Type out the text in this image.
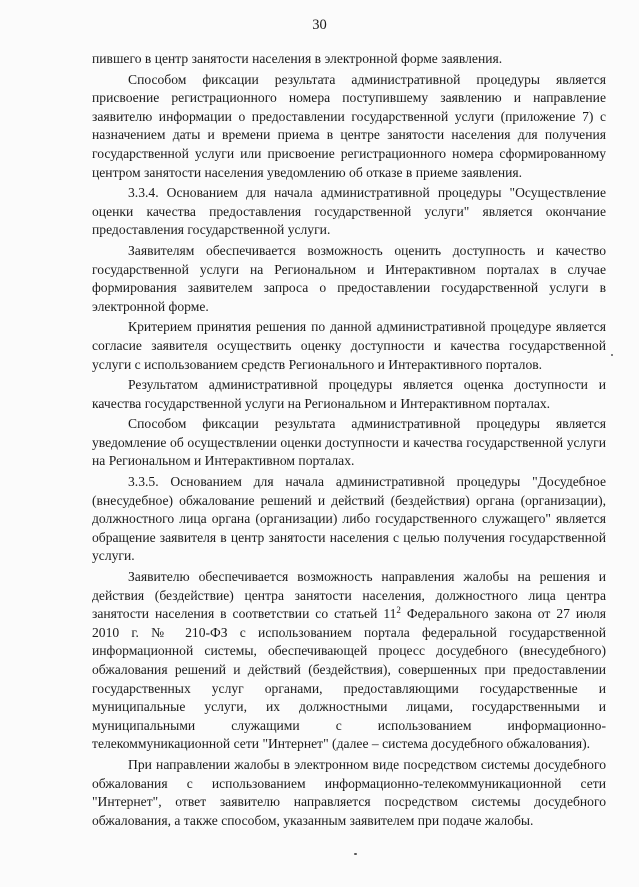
30

пившего в центр занятости населения в электронной форме заявления.

Способом фиксации результата административной процедуры является присвоение регистрационного номера поступившему заявлению и направление заявителю информации о предоставлении государственной услуги (приложение 7) с назначением даты и времени приема в центре занятости населения для получения государственной услуги или присвоение регистрационного номера сформированному центром занятости населения уведомлению об отказе в приеме заявления.

3.3.4. Основанием для начала административной процедуры "Осуществление оценки качества предоставления государственной услуги" является окончание предоставления государственной услуги.

Заявителям обеспечивается возможность оценить доступность и качество государственной услуги на Региональном и Интерактивном порталах в случае формирования заявителем запроса о предоставлении государственной услуги в электронной форме.

Критерием принятия решения по данной административной процедуре является согласие заявителя осуществить оценку доступности и качества государственной услуги с использованием средств Регионального и Интерактивного порталов.

Результатом административной процедуры является оценка доступности и качества государственной услуги на Региональном и Интерактивном порталах.

Способом фиксации результата административной процедуры является уведомление об осуществлении оценки доступности и качества государственной услуги на Региональном и Интерактивном порталах.

3.3.5. Основанием для начала административной процедуры "Досудебное (внесудебное) обжалование решений и действий (бездействия) органа (организации), должностного лица органа (организации) либо государственного служащего" является обращение заявителя в центр занятости населения с целью получения государственной услуги.

Заявителю обеспечивается возможность направления жалобы на решения и действия (бездействие) центра занятости населения, должностного лица центра занятости населения в соответствии со статьей $11^2$ Федерального закона от 27 июля 2010 г. № 210-ФЗ с использованием портала федеральной государственной информационной системы, обеспечивающей процесс досудебного (внесудебного) обжалования решений и действий (бездействия), совершенных при предоставлении государственных услуг органами, предоставляющими государственные и муниципальные услуги, их должностными лицами, государственными и муниципальными служащими с использованием информационно-телекоммуникационной сети "Интернет" (далее – система досудебного обжалования).

При направлении жалобы в электронном виде посредством системы досудебного обжалования с использованием информационно-телекоммуникационной сети "Интернет", ответ заявителю направляется посредством системы досудебного обжалования, а также способом, указанным заявителем при подаче жалобы.
